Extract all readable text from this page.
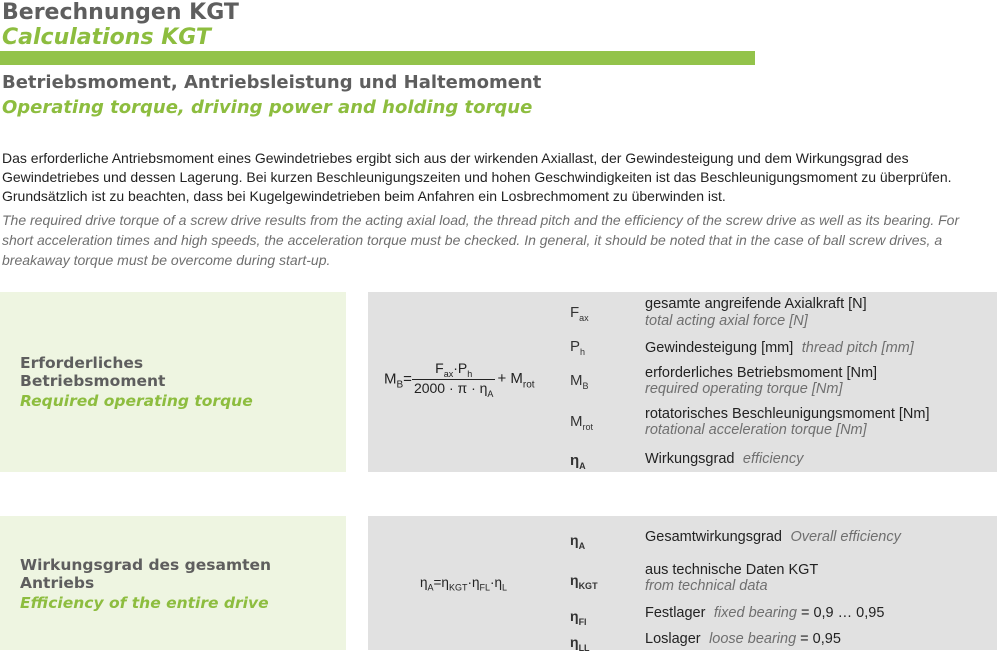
Berechnungen KGT
Calculations KGT
Betriebsmoment, Antriebsleistung und Haltemoment
Operating torque, driving power and holding torque
Das erforderliche Antriebsmoment eines Gewindetriebes ergibt sich aus der wirkenden Axiallast, der Gewindesteigung und dem Wirkungsgrad des Gewindetriebes und dessen Lagerung. Bei kurzen Beschleunigungszeiten und hohen Geschwindigkeiten ist das Beschleunigungsmoment zu überprüfen. Grundsätzlich ist zu beachten, dass bei Kugelgewindetrieben beim Anfahren ein Losbrechmoment zu überwinden ist.
The required drive torque of a screw drive results from the acting axial load, the thread pitch and the efficiency of the screw drive as well as its bearing. For short acceleration times and high speeds, the acceleration torque must be checked. In general, it should be noted that in the case of ball screw drives, a breakaway torque must be overcome during start-up.
Erforderliches
Betriebsmoment
Required operating torque
$M_B= \frac{F_{ax}\cdot P_h}{2000 \cdot \pi \cdot \eta_A} + M_{rot}$
$F_{ax}$
gesamte angreifende Axialkraft [N]
total acting axial force [N]
$P_h$	Gewindesteigung [mm] thread pitch [mm]
$M_B$
erforderliches Betriebsmoment [Nm]
required operating torque [Nm]
$M_{rot}$
rotatorisches Beschleunigungsmoment [Nm]
rotational acceleration torque [Nm]
$\eta_A$	Wirkungsgrad efficiency
Wirkungsgrad des gesamten
Antriebs
Efficiency of the entire drive
$\eta_A=\eta_{KGT}\cdot\eta_{FL}\cdot\eta_L$
$\eta_A$
Gesamtwirkungsgrad Overall efficiency
$\eta_{KGT}$
aus technische Daten KGT
from technical data
$\eta_{Fl}$
Festlager fixed bearing = 0,9 … 0,95
$\eta_{LL}$
Loslager loose bearing = 0,95
